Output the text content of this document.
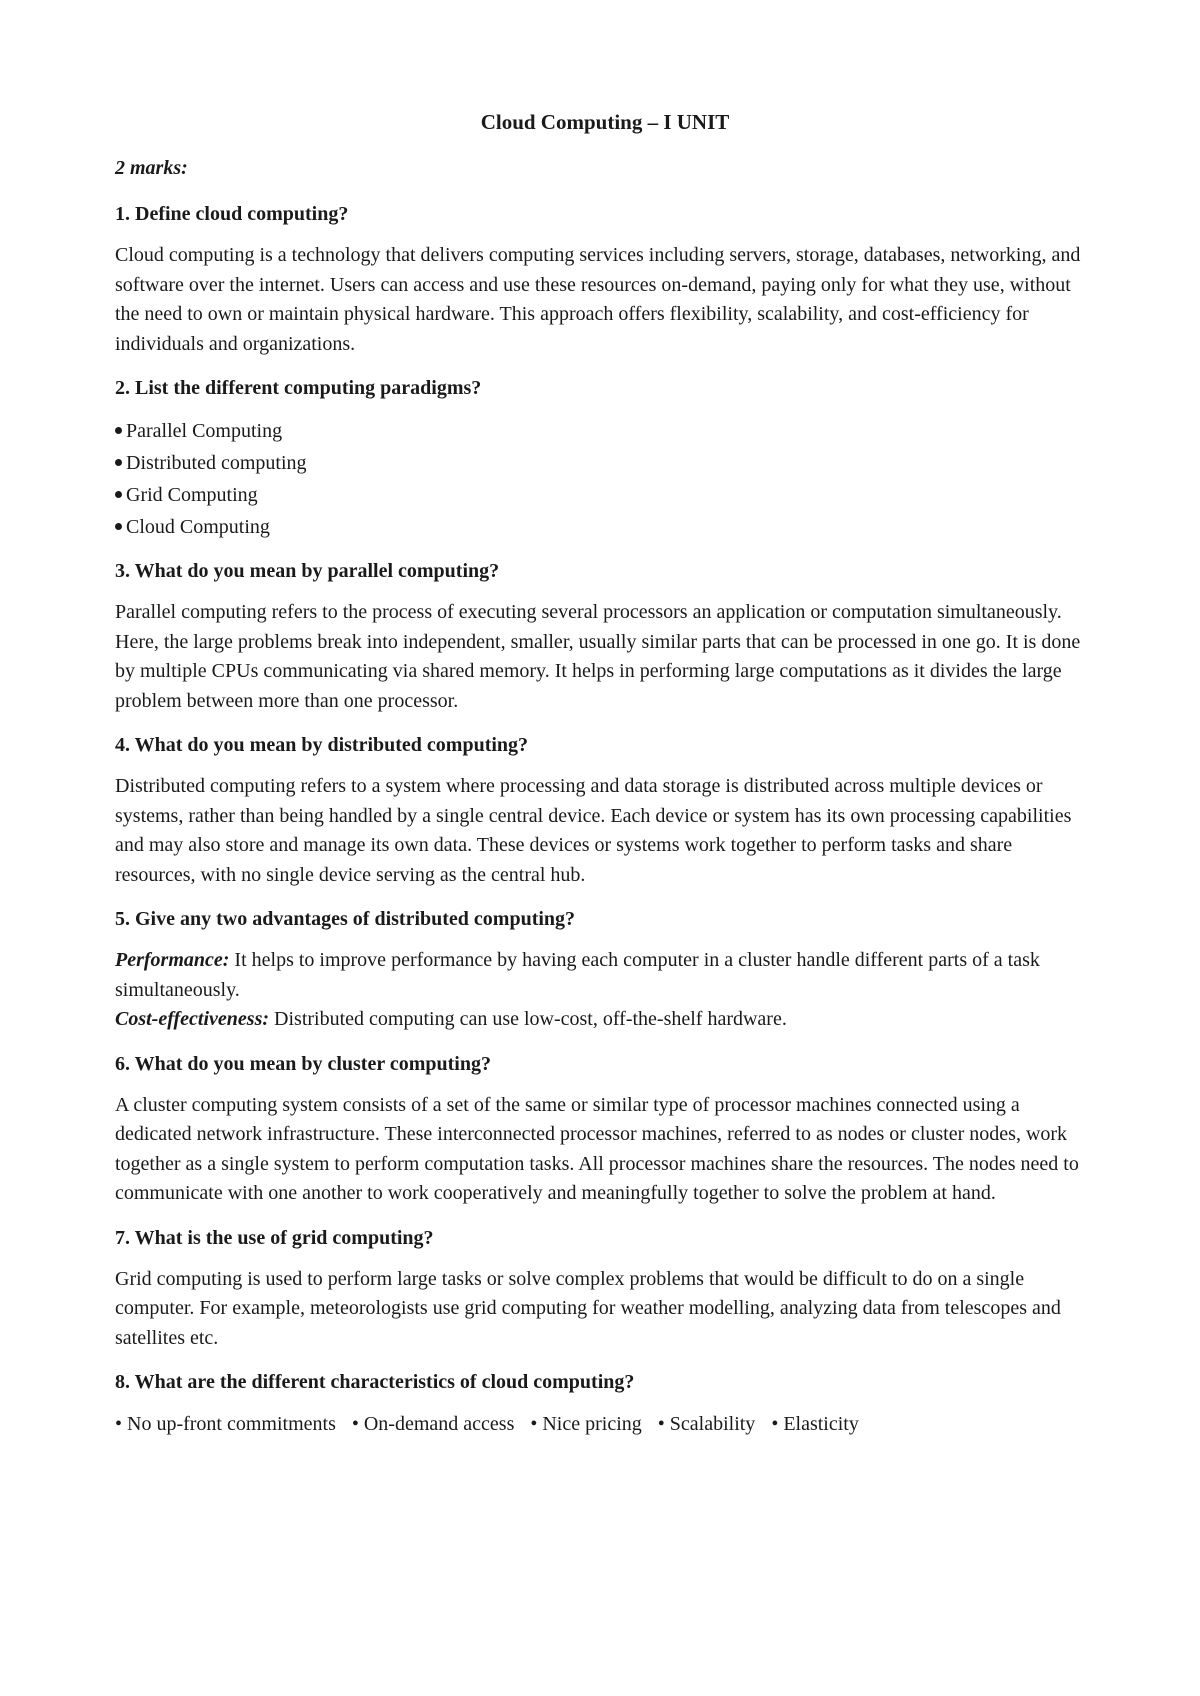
Cloud Computing – I UNIT
2 marks:
1. Define cloud computing?
Cloud computing is a technology that delivers computing services including servers, storage, databases, networking, and software over the internet. Users can access and use these resources on-demand, paying only for what they use, without the need to own or maintain physical hardware. This approach offers flexibility, scalability, and cost-efficiency for individuals and organizations.
2. List the different computing paradigms?
Parallel Computing
Distributed computing
Grid Computing
Cloud Computing
3. What do you mean by parallel computing?
Parallel computing refers to the process of executing several processors an application or computation simultaneously. Here, the large problems break into independent, smaller, usually similar parts that can be processed in one go. It is done by multiple CPUs communicating via shared memory. It helps in performing large computations as it divides the large problem between more than one processor.
4. What do you mean by distributed computing?
Distributed computing refers to a system where processing and data storage is distributed across multiple devices or systems, rather than being handled by a single central device. Each device or system has its own processing capabilities and may also store and manage its own data. These devices or systems work together to perform tasks and share resources, with no single device serving as the central hub.
5. Give any two advantages of distributed computing?
Performance: It helps to improve performance by having each computer in a cluster handle different parts of a task simultaneously.
Cost-effectiveness: Distributed computing can use low-cost, off-the-shelf hardware.
6. What do you mean by cluster computing?
A cluster computing system consists of a set of the same or similar type of processor machines connected using a dedicated network infrastructure. These interconnected processor machines, referred to as nodes or cluster nodes, work together as a single system to perform computation tasks. All processor machines share the resources. The nodes need to communicate with one another to work cooperatively and meaningfully together to solve the problem at hand.
7. What is the use of grid computing?
Grid computing is used to perform large tasks or solve complex problems that would be difficult to do on a single computer. For example, meteorologists use grid computing for weather modelling, analyzing data from telescopes and satellites etc.
8. What are the different characteristics of cloud computing?
• No up-front commitments • On-demand access • Nice pricing • Scalability • Elasticity
